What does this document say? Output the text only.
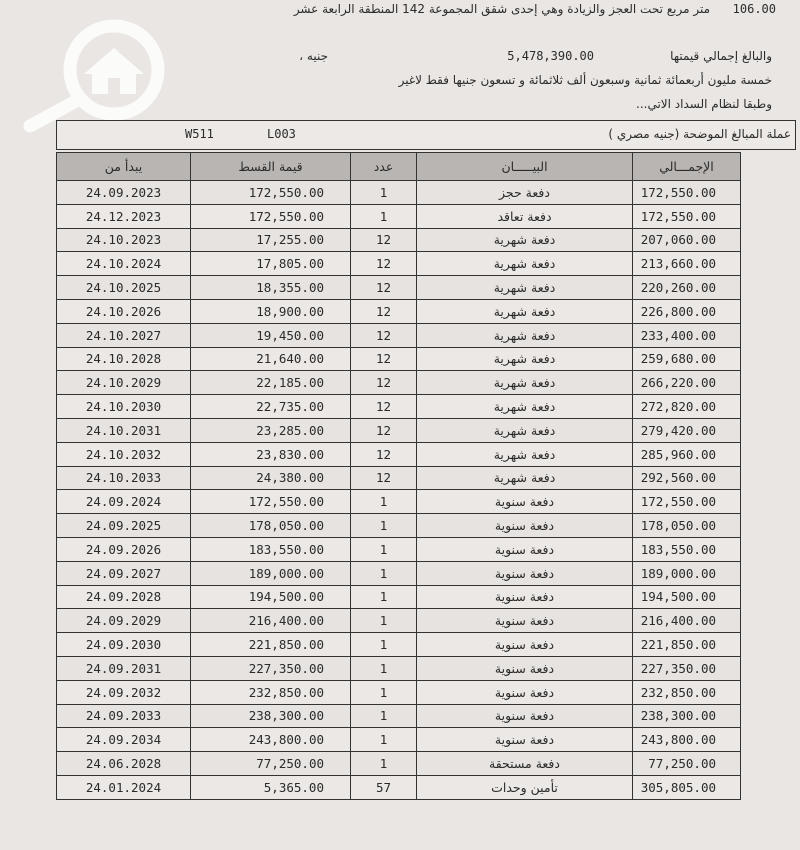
متر مربع تحت العجز والزيادة وهي إحدى شقق المجموعة 142 المنطقة الرابعة عشر 106.00
جنيه ،	5,478,390.00	والبالغ إجمالي قيمتها
خمسة مليون أربعمائة ثمانية وسبعون ألف ثلاثمائة و تسعون جنيها فقط لاغير
وطبقا لنظام السداد الاتي...
W511	L003	عملة المبالغ الموضحة (جنيه مصري )
يبدأ من	قيمة القسط	عدد	البيـــــان	الإجمـــالي
24.09.2023	172,550.00	1	دفعة حجز	172,550.00
24.12.2023	172,550.00	1	دفعة تعاقد	172,550.00
24.10.2023	17,255.00	12	دفعة شهرية	207,060.00
24.10.2024	17,805.00	12	دفعة شهرية	213,660.00
24.10.2025	18,355.00	12	دفعة شهرية	220,260.00
24.10.2026	18,900.00	12	دفعة شهرية	226,800.00
24.10.2027	19,450.00	12	دفعة شهرية	233,400.00
24.10.2028	21,640.00	12	دفعة شهرية	259,680.00
24.10.2029	22,185.00	12	دفعة شهرية	266,220.00
24.10.2030	22,735.00	12	دفعة شهرية	272,820.00
24.10.2031	23,285.00	12	دفعة شهرية	279,420.00
24.10.2032	23,830.00	12	دفعة شهرية	285,960.00
24.10.2033	24,380.00	12	دفعة شهرية	292,560.00
24.09.2024	172,550.00	1	دفعة سنوية	172,550.00
24.09.2025	178,050.00	1	دفعة سنوية	178,050.00
24.09.2026	183,550.00	1	دفعة سنوية	183,550.00
24.09.2027	189,000.00	1	دفعة سنوية	189,000.00
24.09.2028	194,500.00	1	دفعة سنوية	194,500.00
24.09.2029	216,400.00	1	دفعة سنوية	216,400.00
24.09.2030	221,850.00	1	دفعة سنوية	221,850.00
24.09.2031	227,350.00	1	دفعة سنوية	227,350.00
24.09.2032	232,850.00	1	دفعة سنوية	232,850.00
24.09.2033	238,300.00	1	دفعة سنوية	238,300.00
24.09.2034	243,800.00	1	دفعة سنوية	243,800.00
24.06.2028	77,250.00	1	دفعة مستحقة	77,250.00
24.01.2024	5,365.00	57	تأمين وحدات	305,805.00
